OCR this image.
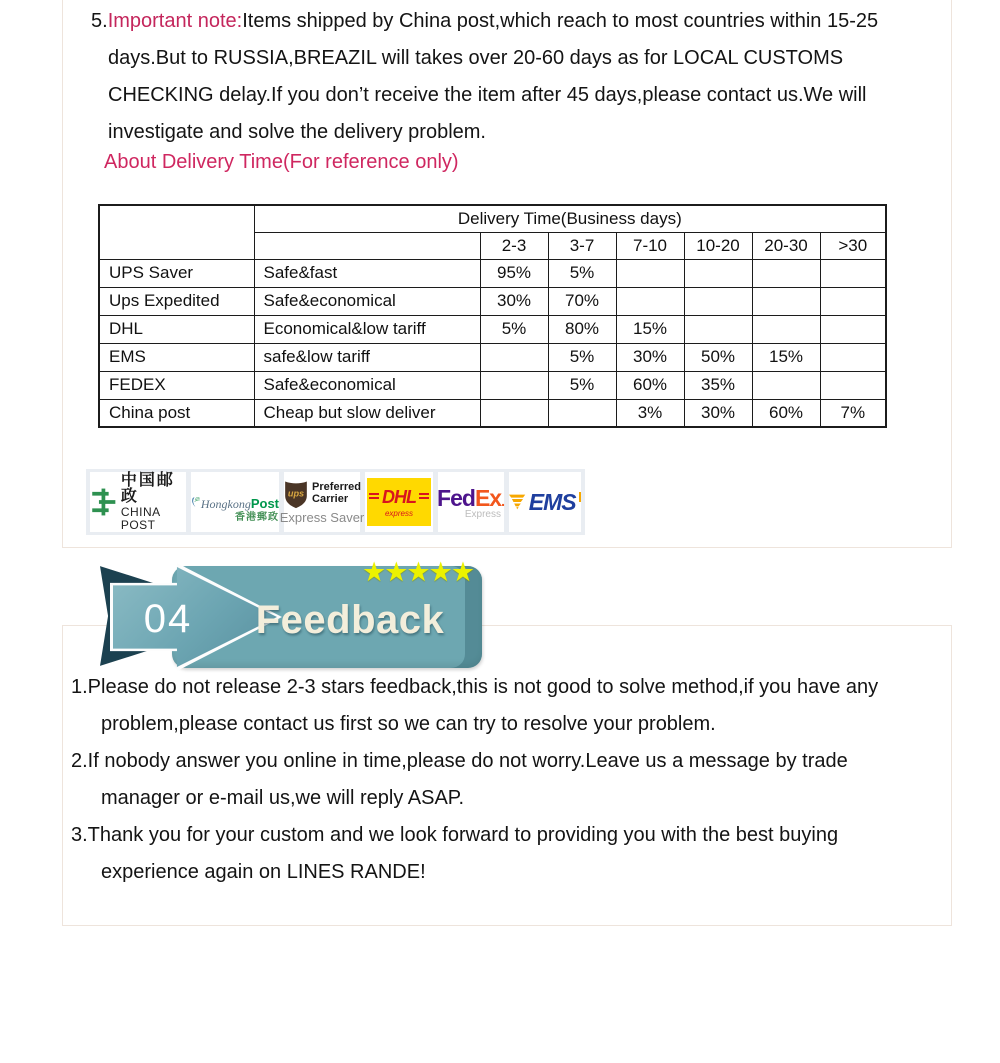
5.Important note:Items shipped by China post,which reach to most countries within 15-25
days.But to RUSSIA,BREAZIL will takes over 20-60 days as for LOCAL CUSTOMS
CHECKING delay.If you don’t receive the item after 45 days,please contact us.We will
investigate and solve the delivery problem.
About Delivery Time(For reference only)
	Delivery Time(Business days)						
		2-3	3-7	7-10	10-20	20-30	>30
UPS Saver	Safe&fast	95%	5%				
Ups Expedited	Safe&economical	30%	70%				
DHL	Economical&low tariff	5%	80%	15%			
EMS	safe&low tariff		5%	30%	50%	15%	
FEDEX	Safe&economical		5%	60%	35%		
China post	Cheap but slow deliver			3%	30%	60%	7%
中国邮政
CHINA POST
HongkongPost
香港郵政
ups
Preferred
Carrier
Express Saver
DHL
express
FedEx.
Express EMS
04
★★★★★
Feedback
1.Please do not release 2-3 stars feedback,this is not good to solve method,if you have any
problem,please contact us first so we can try to resolve your problem.
2.If nobody answer you online in time,please do not worry.Leave us a message by trade
manager or e-mail us,we will reply ASAP.
3.Thank you for your custom and we look forward to providing you with the best buying
experience again on LINES RANDE!
